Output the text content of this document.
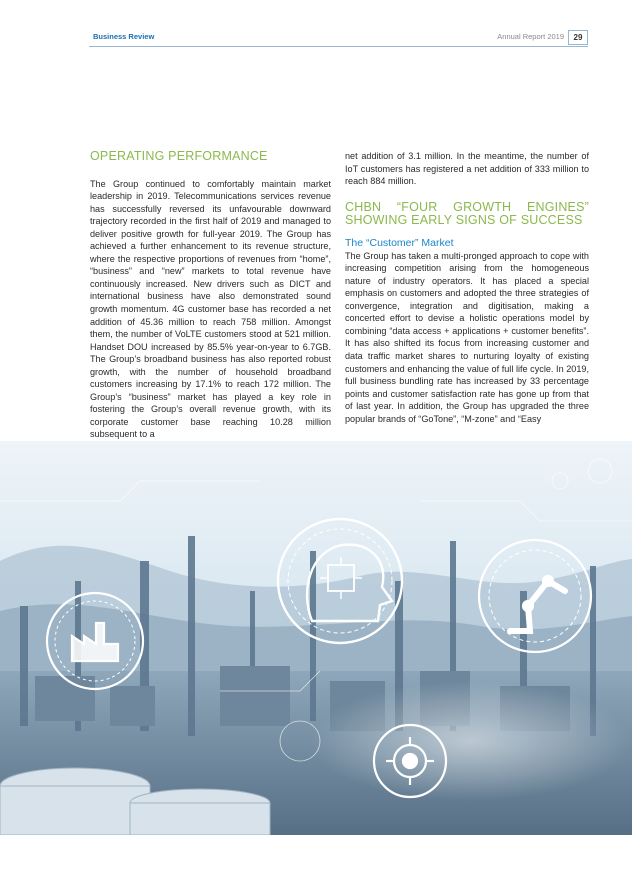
Business Review	Annual Report 2019	29
OPERATING PERFORMANCE

The Group continued to comfortably maintain market leadership in 2019. Telecommunications services revenue has successfully reversed its unfavourable downward trajectory recorded in the first half of 2019 and managed to deliver positive growth for full-year 2019. The Group has achieved a further enhancement to its revenue structure, where the respective proportions of revenues from “home”, “business” and “new” markets to total revenue have continuously increased. New drivers such as DICT and international business have also demonstrated sound growth momentum. 4G customer base has recorded a net addition of 45.36 million to reach 758 million. Amongst them, the number of VoLTE customers stood at 521 million. Handset DOU increased by 85.5% year-on-year to 6.7GB. The Group’s broadband business has also reported robust growth, with the number of household broadband customers increasing by 17.1% to reach 172 million. The Group’s “business” market has played a key role in fostering the Group’s overall revenue growth, with its corporate customer base reaching 10.28 million subsequent to a

net addition of 3.1 million. In the meantime, the number of IoT customers has registered a net addition of 333 million to reach 884 million.

CHBN “FOUR GROWTH ENGINES” SHOWING EARLY SIGNS OF SUCCESS
The “Customer” Market

The Group has taken a multi-pronged approach to cope with increasing competition arising from the homogeneous nature of industry operators. It has placed a special emphasis on customers and adopted the three strategies of convergence, integration and digitisation, making a concerted effort to devise a holistic operations model by combining “data access + applications + customer benefits”. It has also shifted its focus from increasing customer and data traffic market shares to nurturing loyalty of existing customers and enhancing the value of full life cycle. In 2019, full business bundling rate has increased by 33 percentage points and customer satisfaction rate has gone up from that of last year. In addition, the Group has upgraded the three popular brands of “GoTone”, “M-zone” and “Easy
